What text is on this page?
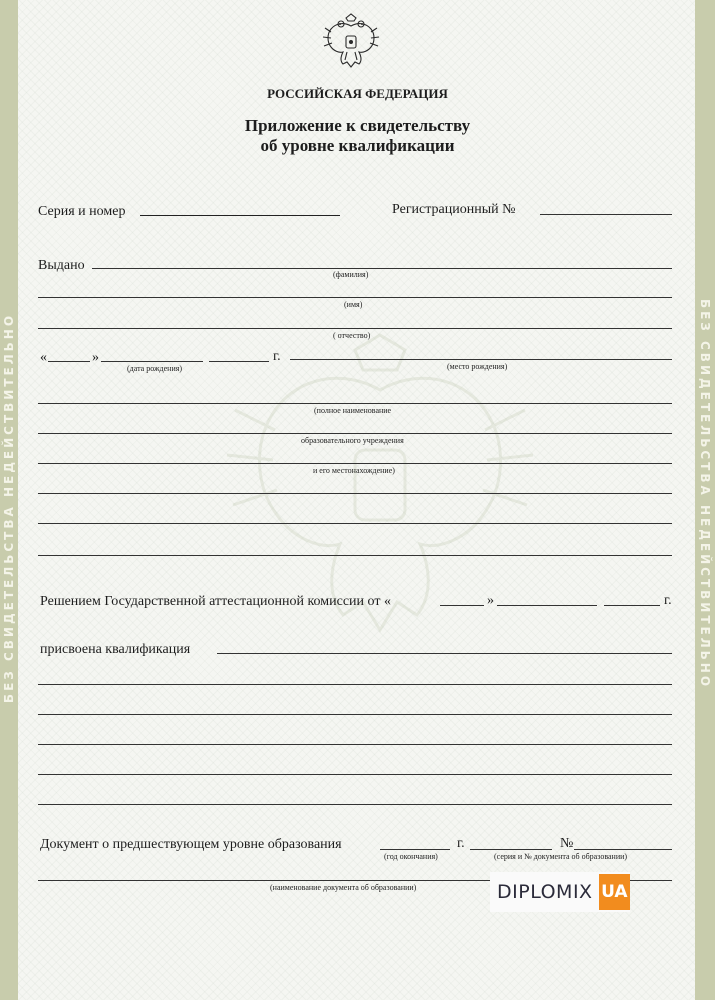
БЕЗ СВИДЕТЕЛЬСТВА НЕДЕЙСТВИТЕЛЬНО	БЕЗ СВИДЕТЕЛЬСТВА НЕДЕЙСТВИТЕЛЬНО
РОССИЙСКАЯ ФЕДЕРАЦИЯ
Приложение к свидетельству
об уровне квалификации
Серия и номер	Регистрационный №
Выдано
(фамилия)
(имя)
( отчество)
«	»	г.
(дата рождения)	(место рождения)
(полное наименование
образовательного учреждения
и его местонахождение)
Решением Государственной аттестационной комиссии от «	»	г.
присвоена квалификация
Документ о предшествующем уровне образования	г.	№
(год окончания)	(серия и № документа об образовании)
(наименование документа об образовании)	DIPLOMIX UA
